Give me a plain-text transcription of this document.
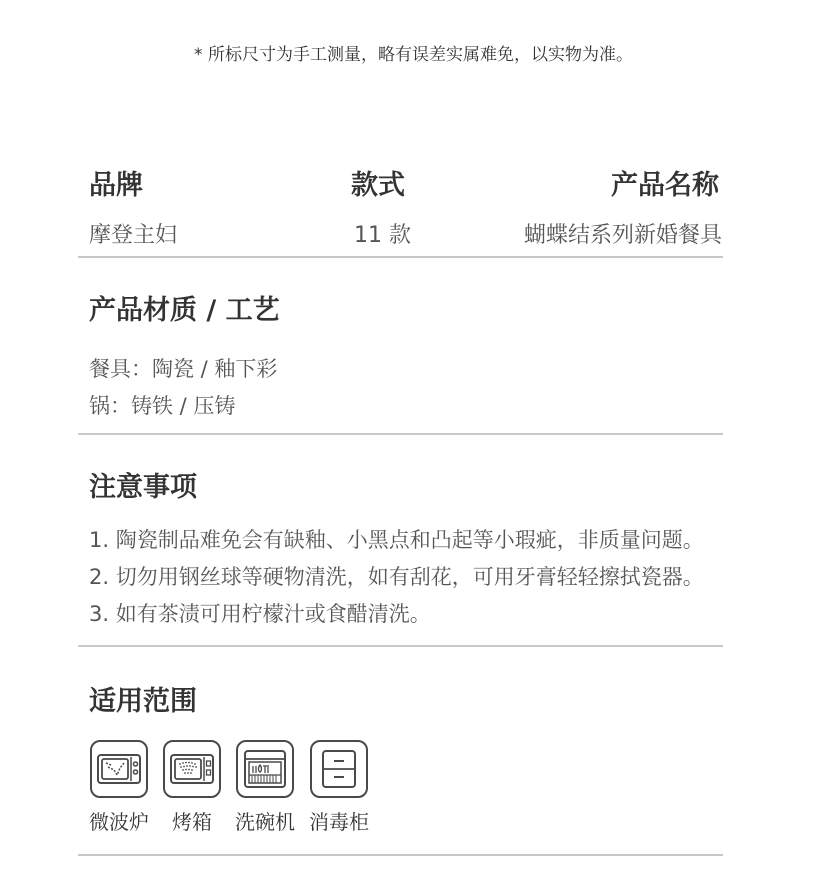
* 所标尺寸为手工测量，略有误差实属难免，以实物为准。
品牌
摩登主妇
款式
11 款
产品名称
蝴蝶结系列新婚餐具
产品材质 / 工艺
餐具：陶瓷 / 釉下彩
锅：铸铁 / 压铸
注意事项
1. 陶瓷制品难免会有缺釉、小黑点和凸起等小瑕疵，非质量问题。
2. 切勿用钢丝球等硬物清洗，如有刮花，可用牙膏轻轻擦拭瓷器。
3. 如有茶渍可用柠檬汁或食醋清洗。
适用范围
微波炉 烤箱 洗碗机 消毒柜
